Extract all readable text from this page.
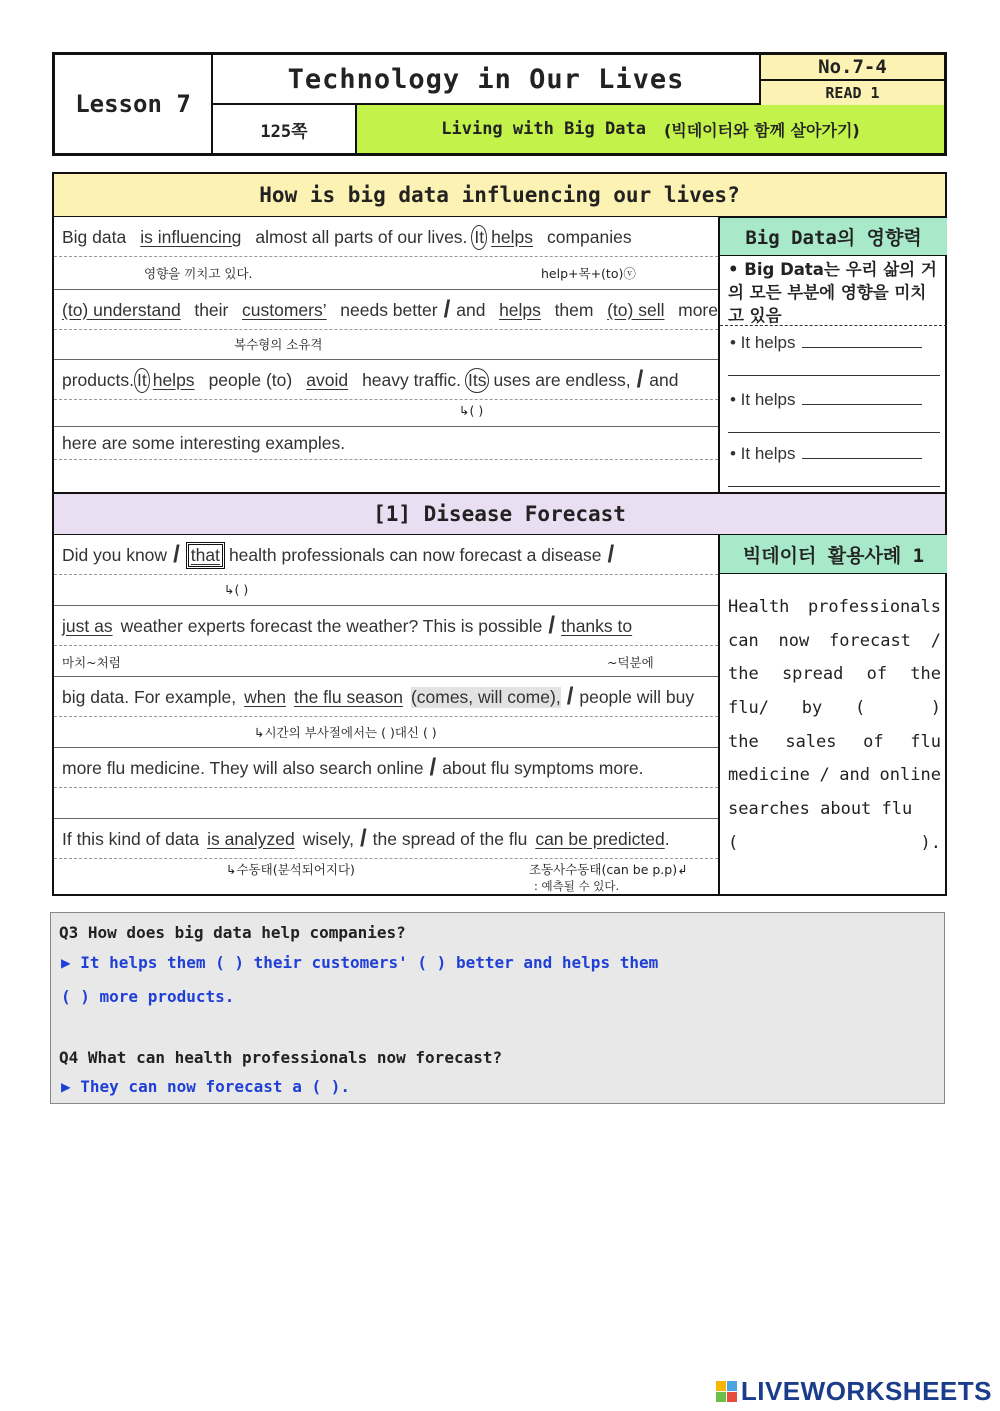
Lesson 7
Technology in Our Lives	No.7-4
READ 1
125쪽	Living with Big Data (빅데이터와 함께 살아가기)
How is big data influencing our lives?
Big data is influencing almost all parts of our lives. It helps companies
영향을 끼치고 있다.	help+목+(to)ⓥ
(to) understand their customers’ needs better / and helps them (to) sell more
복수형의 소유격
products. It helps people (to) avoid heavy traffic. Its uses are endless, / and
↳( )
here are some interesting examples.
Big Data의 영향력
• Big Data는 우리 삶의 거의 모든 부분에 영향을 미치고 있음
• It helps
• It helps
• It helps
[1] Disease Forecast
Did you know / that health professionals can now forecast a disease /
↳( )
just as weather experts forecast the weather? This is possible / thanks to
마치~처럼	~덕분에
big data. For example, when the flu season (comes, will come), / people will buy
↳시간의 부사절에서는 ( )대신 ( )
more flu medicine. They will also search online / about flu symptoms more.
If this kind of data is analyzed wisely, / the spread of the flu can be predicted .
↳수동태(분석되어지다)	조동사수동태(can be p.p)↲
: 예측될 수 있다.
빅데이터 활용사례 1
Health professionals
can now forecast /
the spread of the
flu/ by (	)
the sales of flu
medicine / and online
searches about flu
(	).
Q3 How does big data help companies?
▶ It helps them ( ) their customers' ( ) better and helps them
( ) more products.
Q4 What can health professionals now forecast?
▶ They can now forecast a ( ).
LIVEWORKSHEETS
